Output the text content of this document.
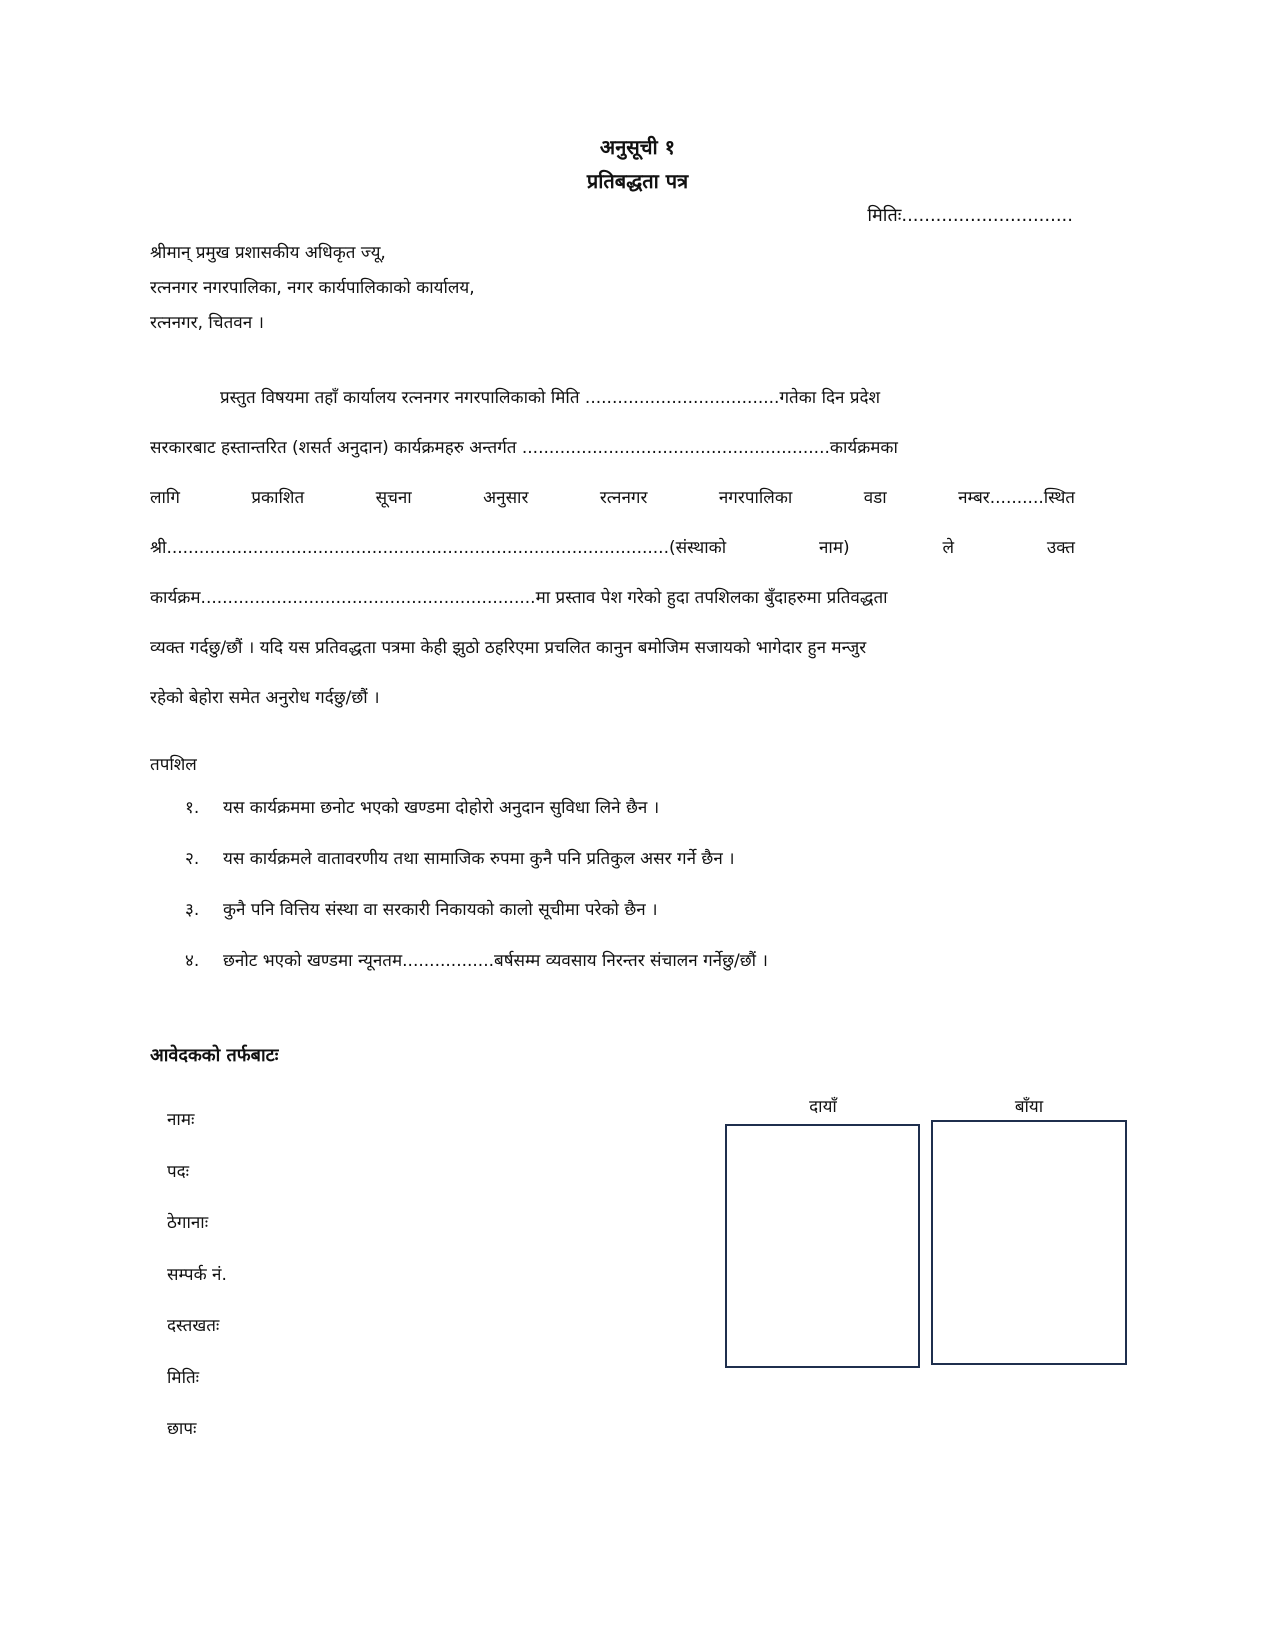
अनुसूची १
प्रतिबद्धता पत्र
मितिः..............................
श्रीमान् प्रमुख प्रशासकीय अधिकृत ज्यू,
रत्ननगर नगरपालिका, नगर कार्यपालिकाको कार्यालय,
रत्ननगर, चितवन ।
प्रस्तुत विषयमा तहाँ कार्यालय रत्ननगर नगरपालिकाको मिति ....................................गतेका दिन प्रदेश
सरकारबाट हस्तान्तरित (शसर्त अनुदान) कार्यक्रमहरु अन्तर्गत .........................................................कार्यक्रमका
लागि	प्रकाशित	सूचना	अनुसार	रत्ननगर	नगरपालिका	वडा	नम्बर..........स्थित
श्री.............................................................................................(संस्थाको	नाम)	ले	उक्त
कार्यक्रम..............................................................मा प्रस्ताव पेश गरेको हुदा तपशिलका बुँदाहरुमा प्रतिवद्धता
व्यक्त गर्दछु/छौं । यदि यस प्रतिवद्धता पत्रमा केही झुठो ठहरिएमा प्रचलित कानुन बमोजिम सजायको भागेदार हुन मन्जुर
रहेको बेहोरा समेत अनुरोध गर्दछु/छौं ।
तपशिल
१. यस कार्यक्रममा छनोट भएको खण्डमा दोहोरो अनुदान सुविधा लिने छैन ।
२. यस कार्यक्रमले वातावरणीय तथा सामाजिक रुपमा कुनै पनि प्रतिकुल असर गर्ने छैन ।
३. कुनै पनि वित्तिय संस्था वा सरकारी निकायको कालो सूचीमा परेको छैन ।
४. छनोट भएको खण्डमा न्यूनतम.................बर्षसम्म व्यवसाय निरन्तर संचालन गर्नेछु/छौं ।
आवेदकको तर्फबाटः
नामः
पदः
ठेगानाः
सम्पर्क नं.
दस्तखतः
मितिः
छापः
दायाँ	बाँया
